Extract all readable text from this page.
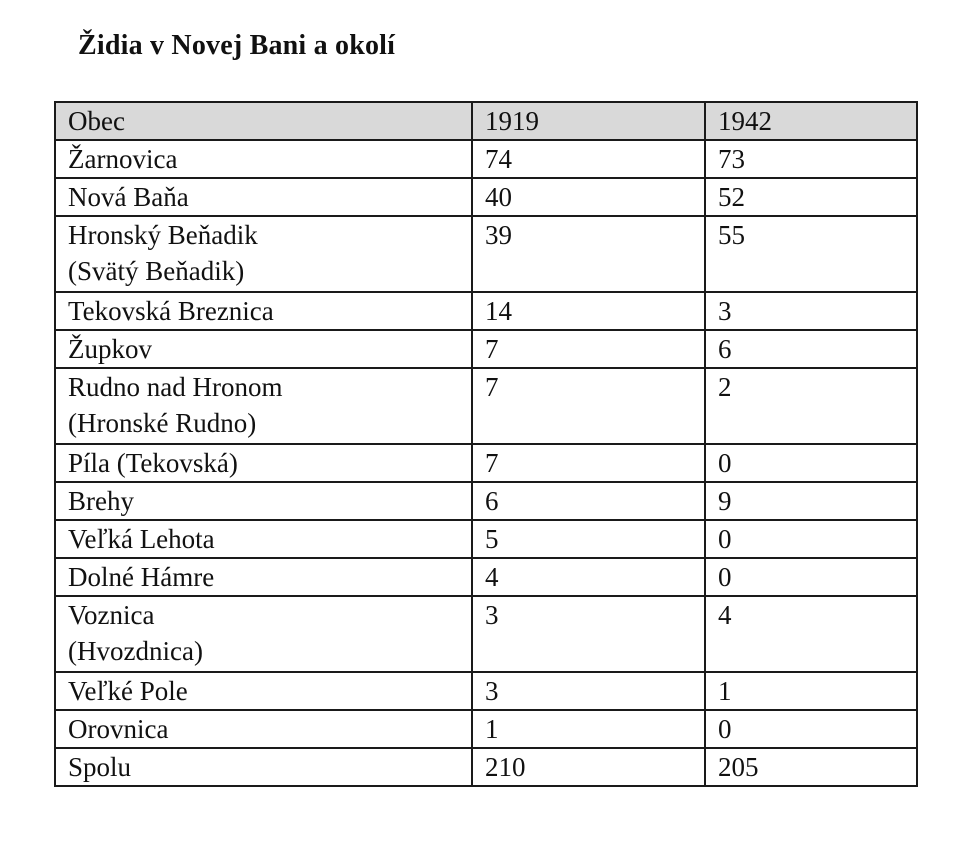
Židia v Novej Bani a okolí
Obec	1919	1942
Žarnovica	74	73
Nová Baňa	40	52
Hronský Beňadik
(Svätý Beňadik)	39	55
Tekovská Breznica	14	3
Župkov	7	6
Rudno nad Hronom
(Hronské Rudno)	7	2
Píla (Tekovská)	7	0
Brehy	6	9
Veľká Lehota	5	0
Dolné Hámre	4	0
Voznica
(Hvozdnica)	3	4
Veľké Pole	3	1
Orovnica	1	0
Spolu	210	205
